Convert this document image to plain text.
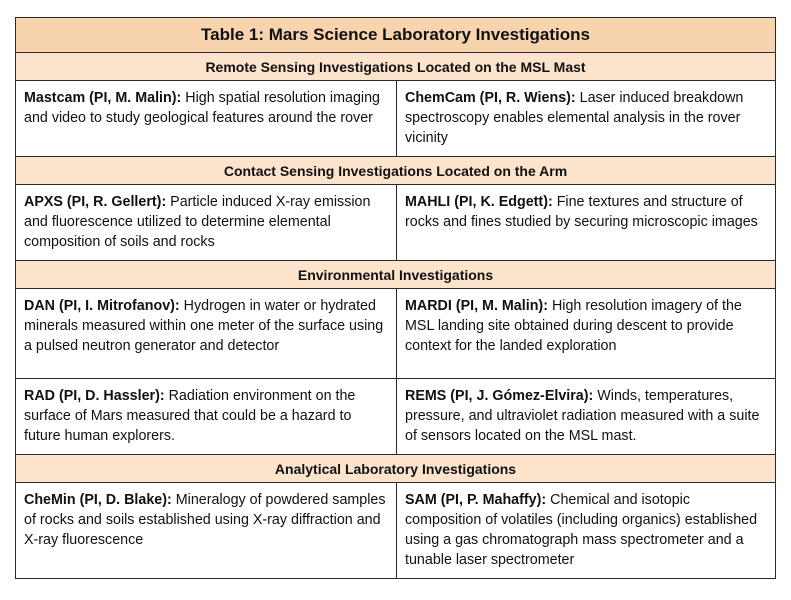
Table 1: Mars Science Laboratory Investigations	
Remote Sensing Investigations Located on the MSL Mast	
Mastcam (PI, M. Malin): High spatial resolution imaging and video to study geological features around the rover	ChemCam (PI, R. Wiens): Laser induced breakdown spectroscopy enables elemental analysis in the rover vicinity
Contact Sensing Investigations Located on the Arm	
APXS (PI, R. Gellert): Particle induced X-ray emission and fluorescence utilized to determine elemental composition of soils and rocks	MAHLI (PI, K. Edgett): Fine textures and structure of rocks and fines studied by securing microscopic images
Environmental Investigations	
DAN (PI, I. Mitrofanov): Hydrogen in water or hydrated minerals measured within one meter of the surface using a pulsed neutron generator and detector	MARDI (PI, M. Malin): High resolution imagery of the MSL landing site obtained during descent to provide context for the landed exploration
RAD (PI, D. Hassler): Radiation environment on the surface of Mars measured that could be a hazard to future human explorers.	REMS (PI, J. Gómez-Elvira): Winds, temperatures, pressure, and ultraviolet radiation measured with a suite of sensors located on the MSL mast.
Analytical Laboratory Investigations	
CheMin (PI, D. Blake): Mineralogy of powdered samples of rocks and soils established using X-ray diffraction and X-ray fluorescence	SAM (PI, P. Mahaffy): Chemical and isotopic composition of volatiles (including organics) established using a gas chromatograph mass spectrometer and a tunable laser spectrometer
